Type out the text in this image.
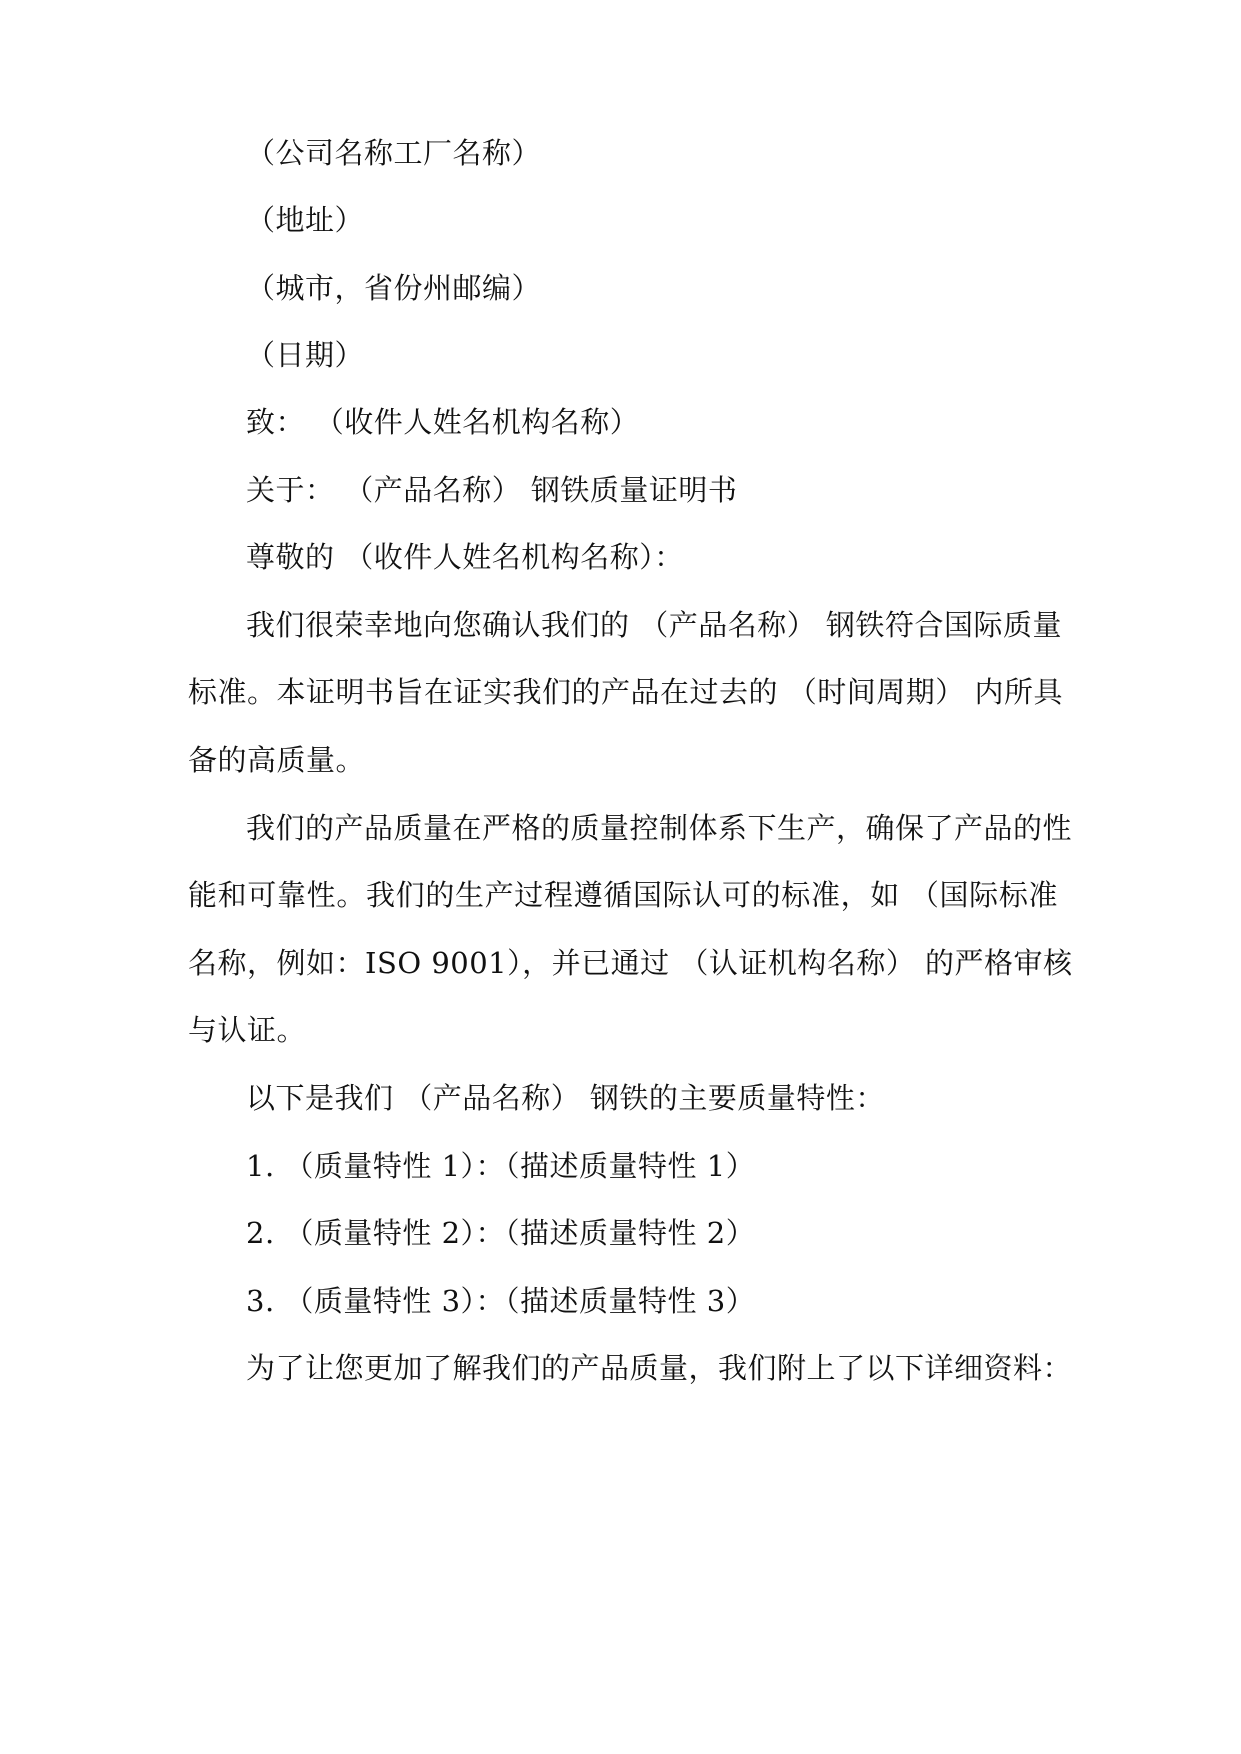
（公司名称工厂名称）
（地址）
（城市，省份州邮编）
（日期）
致： （收件人姓名机构名称）
关于： （产品名称） 钢铁质量证明书
尊敬的 （收件人姓名机构名称）：
我们很荣幸地向您确认我们的 （产品名称） 钢铁符合国际质量
标准。本证明书旨在证实我们的产品在过去的 （时间周期） 内所具
备的高质量。
我们的产品质量在严格的质量控制体系下生产，确保了产品的性
能和可靠性。我们的生产过程遵循国际认可的标准，如 （国际标准
名称，例如：ISO 9001），并已通过 （认证机构名称） 的严格审核
与认证。
以下是我们 （产品名称） 钢铁的主要质量特性：
1. （质量特性 1）：（描述质量特性 1）
2. （质量特性 2）：（描述质量特性 2）
3. （质量特性 3）：（描述质量特性 3）
为了让您更加了解我们的产品质量，我们附上了以下详细资料：
